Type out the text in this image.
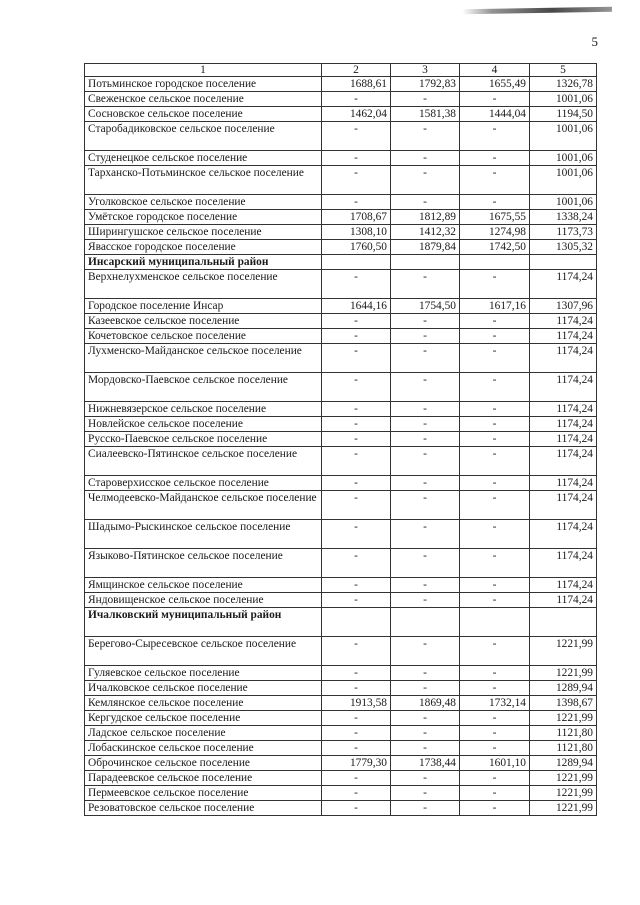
5
1	2	3	4	5
Потьминское городское поселение	1688,61	1792,83	1655,49	1326,78
Свеженское сельское поселение	-	-	-	1001,06
Сосновское сельское поселение	1462,04	1581,38	1444,04	1194,50
Старобадиковское сельское поселение	-	-	-	1001,06
Студенецкое сельское поселение	-	-	-	1001,06
Тарханско-Потьминское сельское поселение	-	-	-	1001,06
Уголковское сельское поселение	-	-	-	1001,06
Умётское городское поселение	1708,67	1812,89	1675,55	1338,24
Ширингушское сельское поселение	1308,10	1412,32	1274,98	1173,73
Явасское городское поселение	1760,50	1879,84	1742,50	1305,32
Инсарский муниципальный район				
Верхнелухменское сельское поселение	-	-	-	1174,24
Городское поселение Инсар	1644,16	1754,50	1617,16	1307,96
Казеевское сельское поселение	-	-	-	1174,24
Кочетовское сельское поселение	-	-	-	1174,24
Лухменско-Майданское сельское поселение	-	-	-	1174,24
Мордовско-Паевское сельское поселение	-	-	-	1174,24
Нижневязерское сельское поселение	-	-	-	1174,24
Новлейское сельское поселение	-	-	-	1174,24
Русско-Паевское сельское поселение	-	-	-	1174,24
Сиалеевско-Пятинское сельское поселение	-	-	-	1174,24
Староверхисское сельское поселение	-	-	-	1174,24
Челмодеевско-Майданское сельское поселение	-	-	-	1174,24
Шадымо-Рыскинское сельское поселение	-	-	-	1174,24
Языково-Пятинское сельское поселение	-	-	-	1174,24
Ямщинское сельское поселение	-	-	-	1174,24
Яндовищенское сельское поселение	-	-	-	1174,24
Ичалковский муниципальный район				
Берегово-Сыресевское сельское поселение	-	-	-	1221,99
Гуляевское сельское поселение	-	-	-	1221,99
Ичалковское сельское поселение	-	-	-	1289,94
Кемлянское сельское поселение	1913,58	1869,48	1732,14	1398,67
Кергудское сельское поселение	-	-	-	1221,99
Ладское сельское поселение	-	-	-	1121,80
Лобаскинское сельское поселение	-	-	-	1121,80
Оброчинское сельское поселение	1779,30	1738,44	1601,10	1289,94
Парадеевское сельское поселение	-	-	-	1221,99
Пермеевское сельское поселение	-	-	-	1221,99
Резоватовское сельское поселение	-	-	-	1221,99
